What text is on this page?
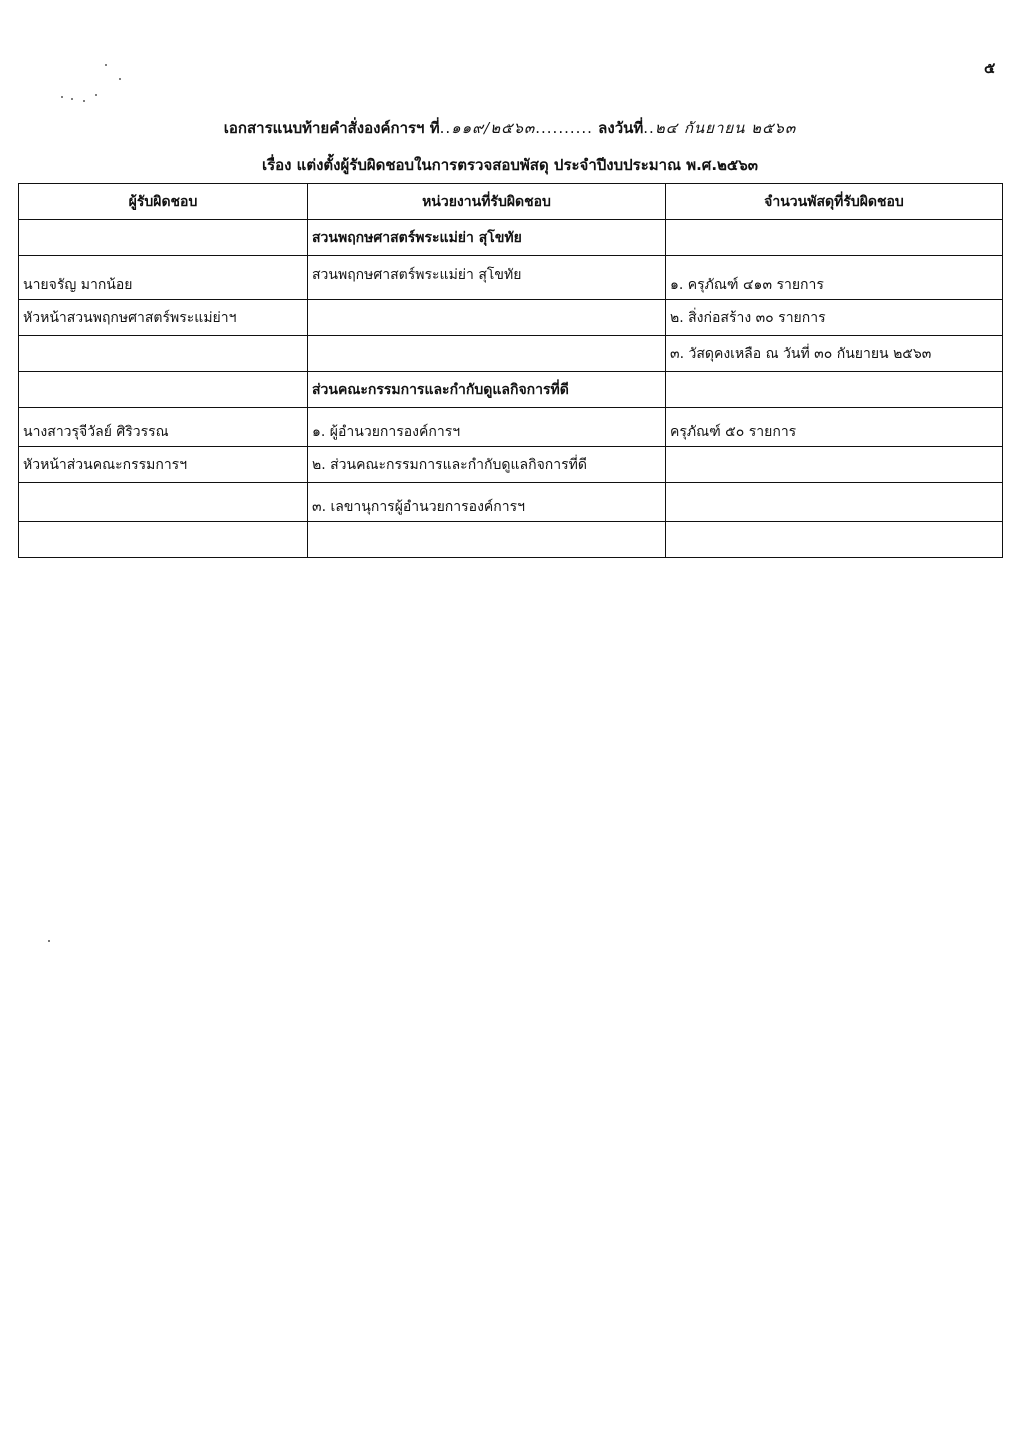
๕
เอกสารแนบท้ายคำสั่งองค์การฯ ที่..๑๑๙/๒๕๖๓.......... ลงวันที่..๒๔ กันยายน ๒๕๖๓
เรื่อง แต่งตั้งผู้รับผิดชอบในการตรวจสอบพัสดุ ประจำปีงบประมาณ พ.ศ.๒๕๖๓
ผู้รับผิดชอบ	หน่วยงานที่รับผิดชอบ	จำนวนพัสดุที่รับผิดชอบ
	สวนพฤกษศาสตร์พระแม่ย่า สุโขทัย	
นายจรัญ มากน้อย	สวนพฤกษศาสตร์พระแม่ย่า สุโขทัย	๑. ครุภัณฑ์ ๔๑๓ รายการ
หัวหน้าสวนพฤกษศาสตร์พระแม่ย่าฯ		๒. สิ่งก่อสร้าง ๓๐ รายการ
		๓. วัสดุคงเหลือ ณ วันที่ ๓๐ กันยายน ๒๕๖๓
	ส่วนคณะกรรมการและกำกับดูแลกิจการที่ดี	
นางสาวรุจีวัลย์ ศิริวรรณ	๑. ผู้อำนวยการองค์การฯ	ครุภัณฑ์ ๕๐ รายการ
หัวหน้าส่วนคณะกรรมการฯ	๒. ส่วนคณะกรรมการและกำกับดูแลกิจการที่ดี	
	๓. เลขานุการผู้อำนวยการองค์การฯ	
